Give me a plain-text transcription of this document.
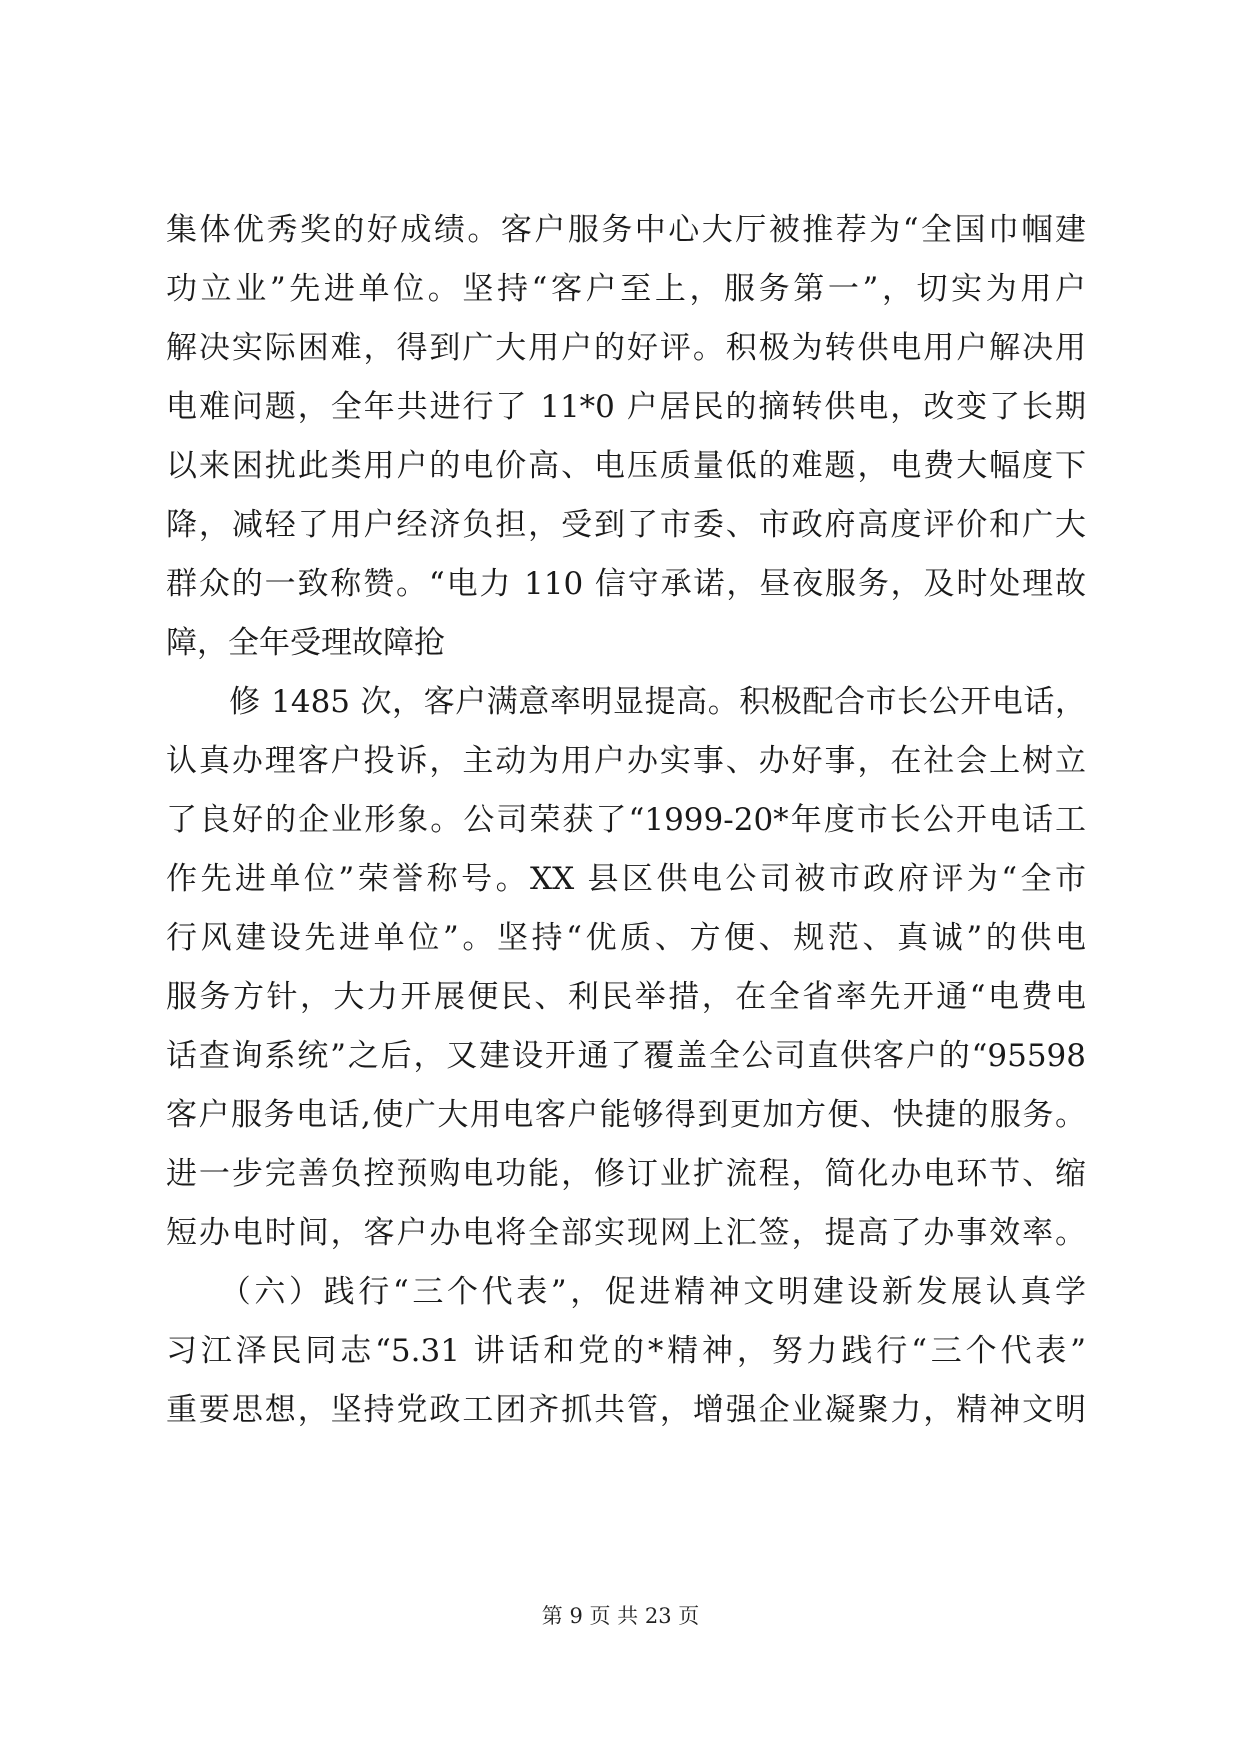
集体优秀奖的好成绩。客户服务中心大厅被推荐为“全国巾帼建
功立业”先进单位。坚持“客户至上，服务第一”，切实为用户
解决实际困难，得到广大用户的好评。积极为转供电用户解决用
电难问题，全年共进行了 11*0 户居民的摘转供电，改变了长期
以来困扰此类用户的电价高、电压质量低的难题，电费大幅度下
降，减轻了用户经济负担，受到了市委、市政府高度评价和广大
群众的一致称赞。“电力 110 信守承诺，昼夜服务，及时处理故
障，全年受理故障抢
　　修 1485 次，客户满意率明显提高。积极配合市长公开电话，
认真办理客户投诉，主动为用户办实事、办好事，在社会上树立
了良好的企业形象。公司荣获了“1999-20*年度市长公开电话工
作先进单位”荣誉称号。XX 县区供电公司被市政府评为“全市
行风建设先进单位”。坚持“优质、方便、规范、真诚”的供电
服务方针，大力开展便民、利民举措，在全省率先开通“电费电
话查询系统”之后，又建设开通了覆盖全公司直供客户的“95598
客户服务电话,使广大用电客户能够得到更加方便、快捷的服务。
进一步完善负控预购电功能，修订业扩流程，简化办电环节、缩
短办电时间，客户办电将全部实现网上汇签，提高了办事效率。
　　（六）践行“三个代表”，促进精神文明建设新发展认真学
习江泽民同志“5.31 讲话和党的*精神，努力践行“三个代表”
重要思想，坚持党政工团齐抓共管，增强企业凝聚力，精神文明
第 9 页 共 23 页
